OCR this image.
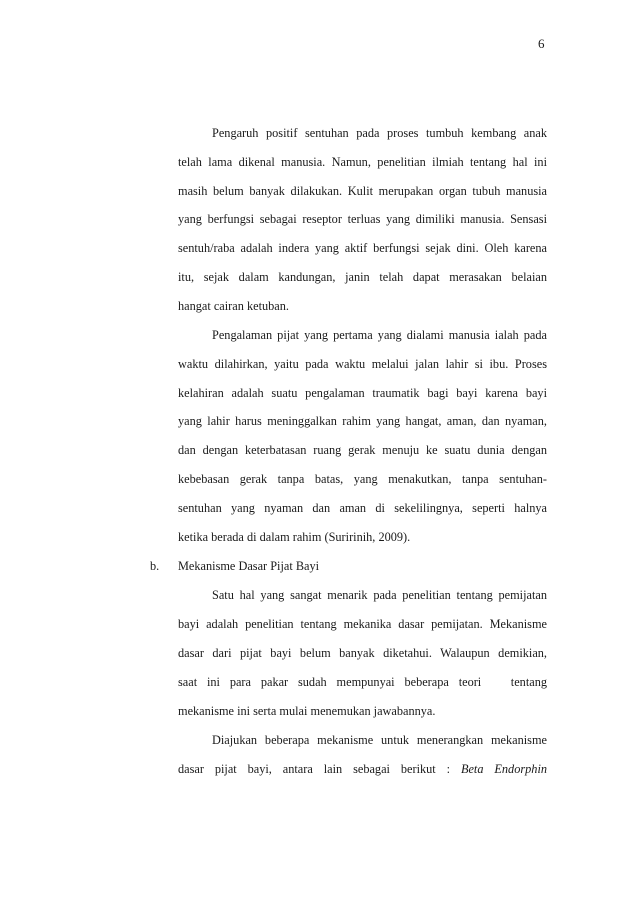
6
Pengaruh positif sentuhan pada proses tumbuh kembang anak
telah lama dikenal manusia. Namun, penelitian ilmiah tentang hal ini
masih belum banyak dilakukan. Kulit merupakan organ tubuh manusia
yang berfungsi sebagai reseptor terluas yang dimiliki manusia. Sensasi
sentuh/raba adalah indera yang aktif berfungsi sejak dini. Oleh karena
itu, sejak dalam kandungan, janin telah dapat merasakan belaian
hangat cairan ketuban.
Pengalaman pijat yang pertama yang dialami manusia ialah pada
waktu dilahirkan, yaitu pada waktu melalui jalan lahir si ibu. Proses
kelahiran adalah suatu pengalaman traumatik bagi bayi karena bayi
yang lahir harus meninggalkan rahim yang hangat, aman, dan nyaman,
dan dengan keterbatasan ruang gerak menuju ke suatu dunia dengan
kebebasan gerak tanpa batas, yang menakutkan, tanpa sentuhan-
sentuhan yang nyaman dan aman di sekelilingnya, seperti halnya
ketika berada di dalam rahim (Suririnih, 2009).
b. Mekanisme Dasar Pijat Bayi
Satu hal yang sangat menarik pada penelitian tentang pemijatan
bayi adalah penelitian tentang mekanika dasar pemijatan. Mekanisme
dasar dari pijat bayi belum banyak diketahui. Walaupun demikian,
saat ini para pakar sudah mempunyai beberapa teori   tentang
mekanisme ini serta mulai menemukan jawabannya.
Diajukan beberapa mekanisme untuk menerangkan mekanisme
dasar pijat bayi, antara lain sebagai berikut : Beta Endorphin
